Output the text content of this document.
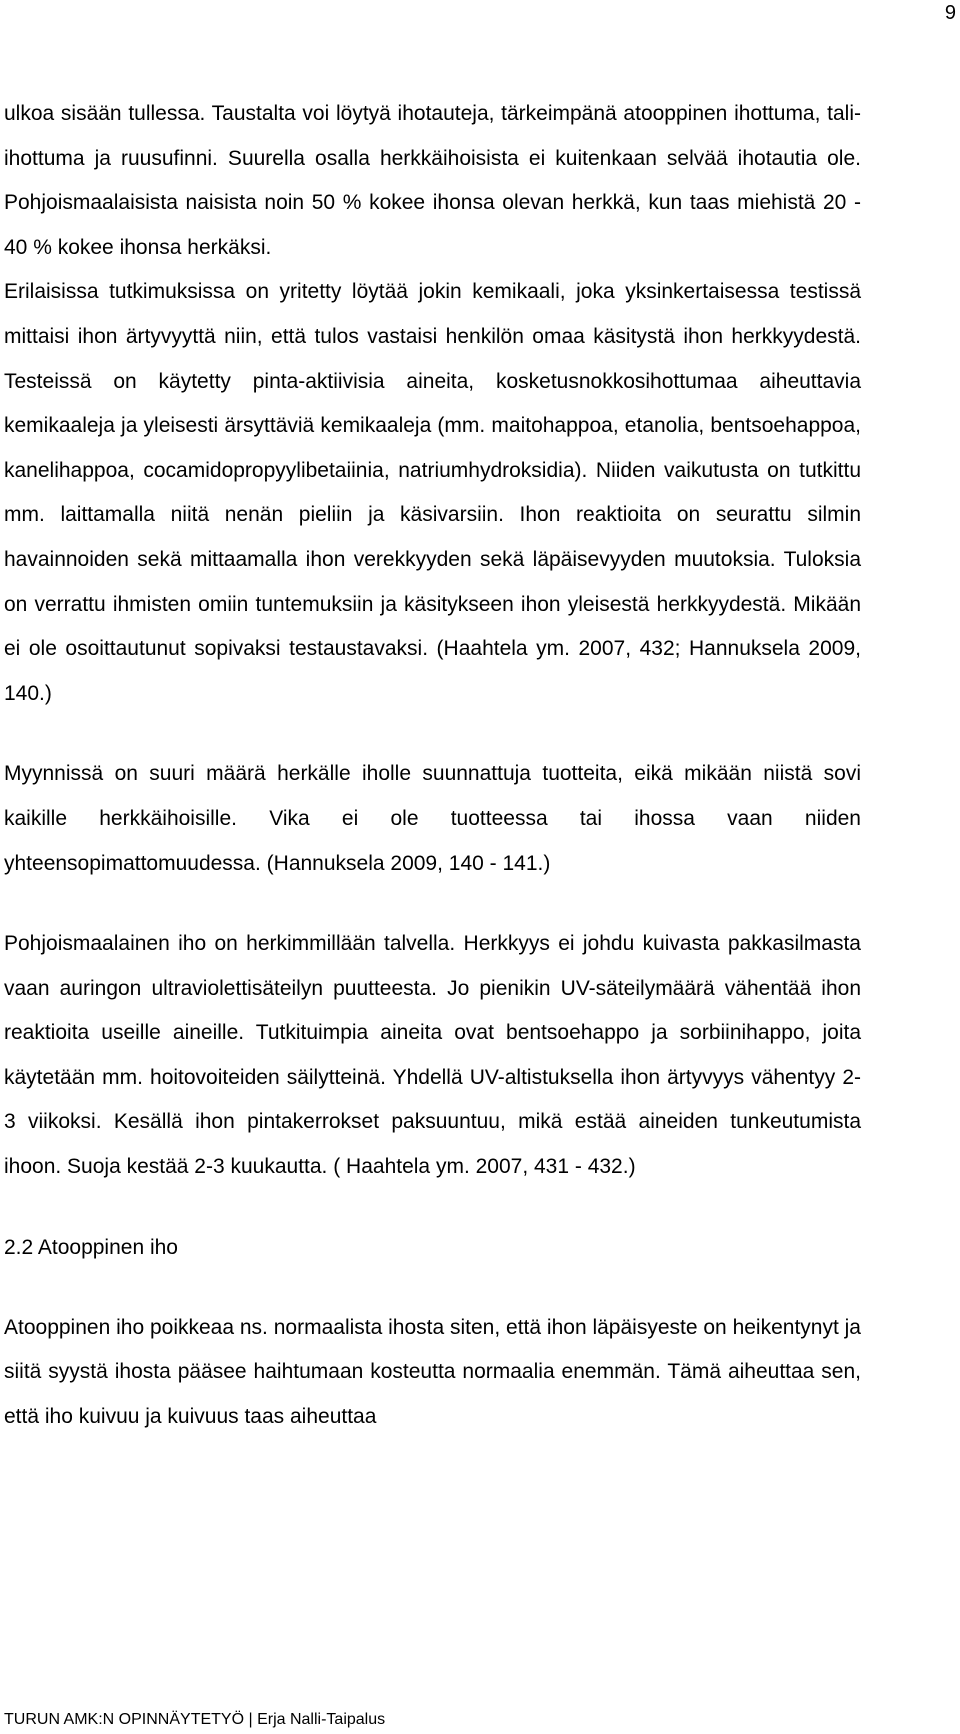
9

ulkoa sisään tullessa. Taustalta voi löytyä ihotauteja, tärkeimpänä atooppinen ihottuma, tali-ihottuma ja ruusufinni. Suurella osalla herkkäihoisista ei kuitenkaan selvää ihotautia ole. Pohjoismaalaisista naisista noin 50 % kokee ihonsa olevan herkkä, kun taas miehistä 20 - 40 % kokee ihonsa herkäksi.

Erilaisissa tutkimuksissa on yritetty löytää jokin kemikaali, joka yksinkertaisessa testissä mittaisi ihon ärtyvyyttä niin, että tulos vastaisi henkilön omaa käsitystä ihon herkkyydestä. Testeissä on käytetty pinta-aktiivisia aineita, kosketusnokkosihottumaa aiheuttavia kemikaaleja ja yleisesti ärsyttäviä kemikaaleja (mm. maitohappoa, etanolia, bentsoehappoa, kanelihappoa, cocamidopropyylibetaiinia, natriumhydroksidia). Niiden vaikutusta on tutkittu mm. laittamalla niitä nenän pieliin ja käsivarsiin. Ihon reaktioita on seurattu silmin havainnoiden sekä mittaamalla ihon verekkyyden sekä läpäisevyyden muutoksia. Tuloksia on verrattu ihmisten omiin tuntemuksiin ja käsitykseen ihon yleisestä herkkyydestä. Mikään ei ole osoittautunut sopivaksi testaustavaksi. (Haahtela ym. 2007, 432; Hannuksela 2009, 140.)

Myynnissä on suuri määrä herkälle iholle suunnattuja tuotteita, eikä mikään niistä sovi kaikille herkkäihoisille. Vika ei ole tuotteessa tai ihossa vaan niiden yhteensopimattomuudessa. (Hannuksela 2009, 140 - 141.)

Pohjoismaalainen iho on herkimmillään talvella. Herkkyys ei johdu kuivasta pakkasilmasta vaan auringon ultraviolettisäteilyn puutteesta. Jo pienikin UV-säteilymäärä vähentää ihon reaktioita useille aineille. Tutkituimpia aineita ovat bentsoehappo ja sorbiinihappo, joita käytetään mm. hoitovoiteiden säilytteinä. Yhdellä UV-altistuksella ihon ärtyvyys vähentyy 2-3 viikoksi. Kesällä ihon pintakerrokset paksuuntuu, mikä estää aineiden tunkeutumista ihoon. Suoja kestää 2-3 kuukautta. ( Haahtela ym. 2007, 431 - 432.)

2.2 Atooppinen iho

Atooppinen iho poikkeaa ns. normaalista ihosta siten, että ihon läpäisyeste on heikentynyt ja siitä syystä ihosta pääsee haihtumaan kosteutta normaalia enemmän. Tämä aiheuttaa sen, että iho kuivuu ja kuivuus taas aiheuttaa

TURUN AMK:N OPINNÄYTETYÖ | Erja Nalli-Taipalus
